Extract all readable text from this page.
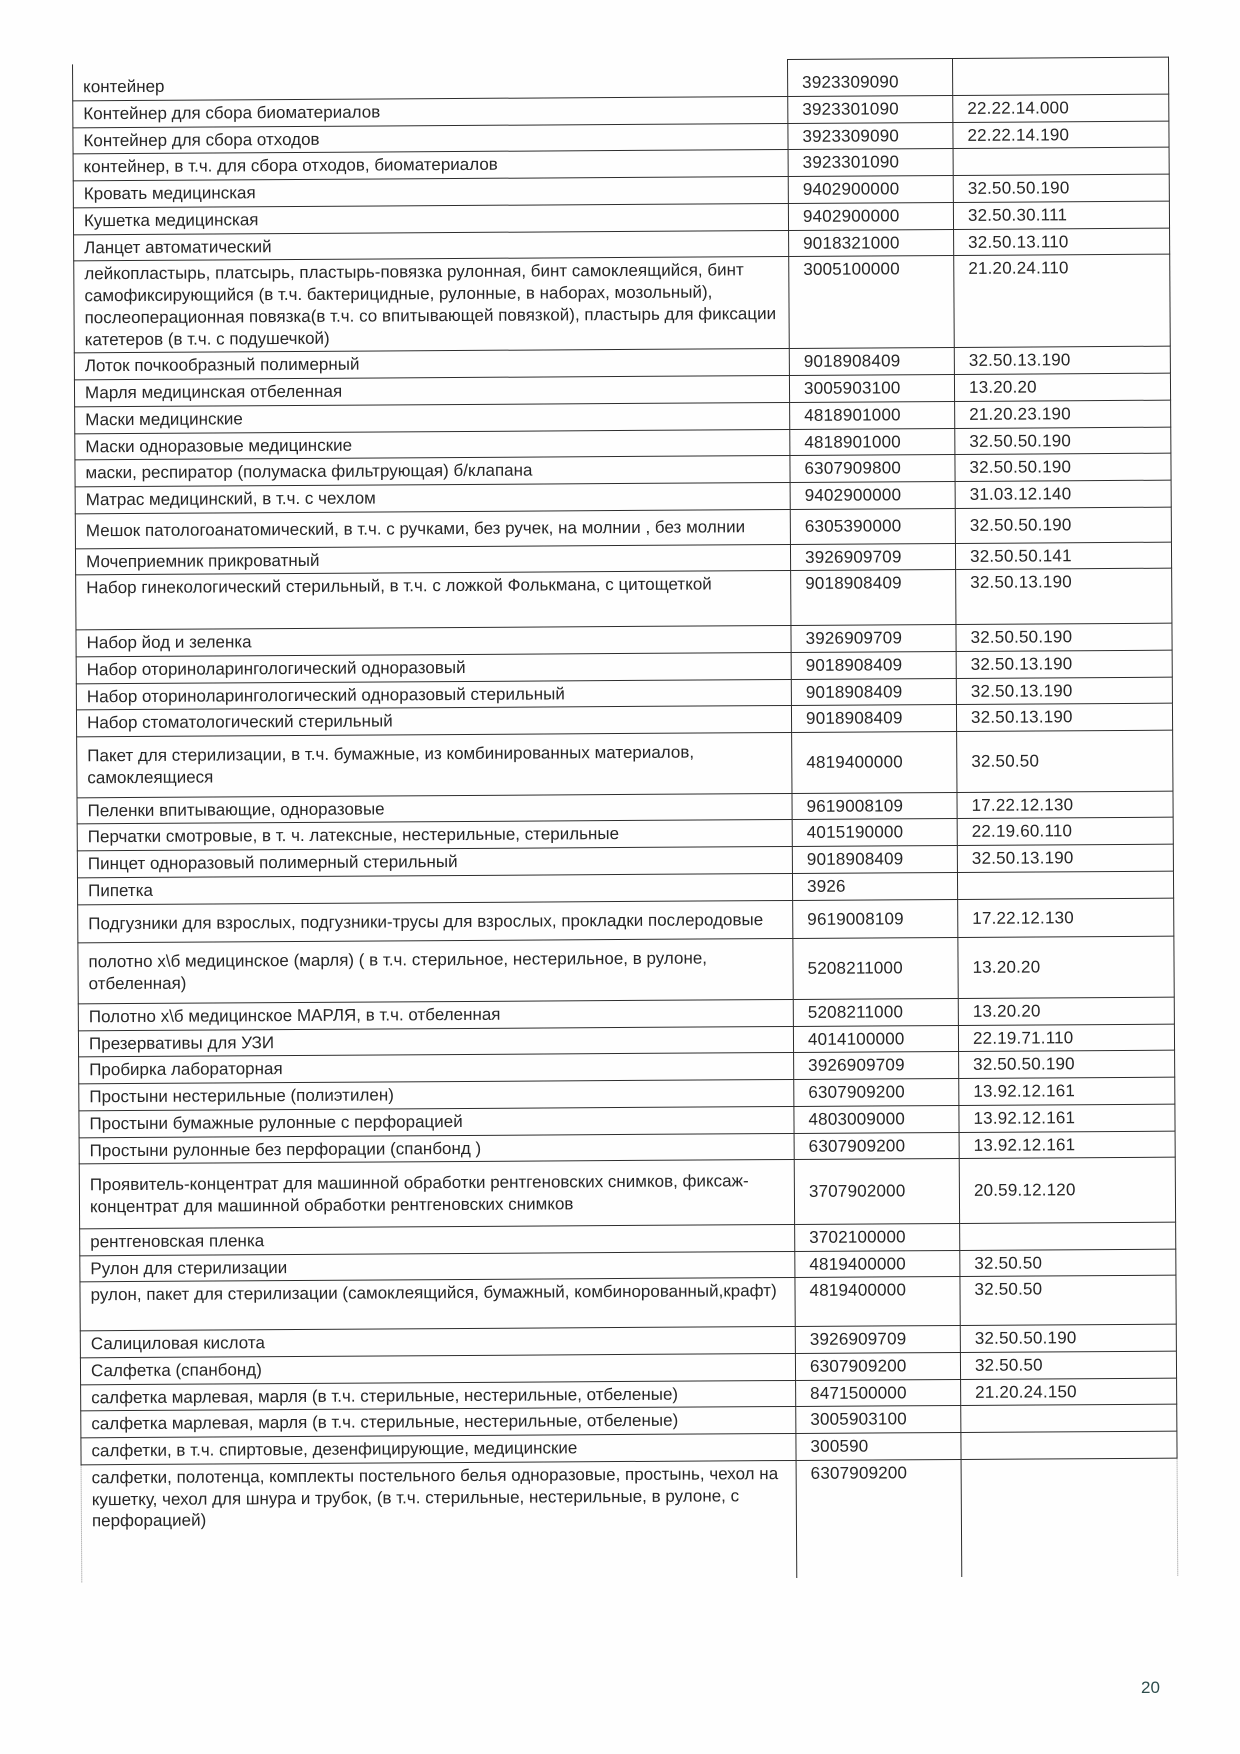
контейнер	3923309090	
Контейнер для сбора биоматериалов	3923301090	22.22.14.000
Контейнер для сбора отходов	3923309090	22.22.14.190
контейнер, в т.ч. для сбора отходов, биоматериалов	3923301090	
Кровать медицинская	9402900000	32.50.50.190
Кушетка медицинская	9402900000	32.50.30.111
Ланцет автоматический	9018321000	32.50.13.110
лейкопластырь, платсырь, пластырь-повязка рулонная, бинт самоклеящийся, бинт самофиксирующийся (в т.ч. бактерицидные, рулонные, в наборах, мозольный), послеоперационная повязка(в т.ч. со впитывающей повязкой), пластырь для фиксации катетеров (в т.ч. с подушечкой)	3005100000	21.20.24.110
Лоток почкообразный полимерный	9018908409	32.50.13.190
Марля медицинская отбеленная	3005903100	13.20.20
Маски медицинские	4818901000	21.20.23.190
Маски одноразовые медицинские	4818901000	32.50.50.190
маски, респиратор (полумаска фильтрующая) б/клапана	6307909800	32.50.50.190
Матрас медицинский, в т.ч. с чехлом	9402900000	31.03.12.140
Мешок патологоанатомический, в т.ч. с ручками, без ручек, на молнии , без молнии	6305390000	32.50.50.190
Мочеприемник прикроватный	3926909709	32.50.50.141
Набор гинекологический стерильный, в т.ч. с ложкой Фолькмана, с цитощеткой	9018908409	32.50.13.190
Набор йод и зеленка	3926909709	32.50.50.190
Набор оториноларингологический одноразовый	9018908409	32.50.13.190
Набор оториноларингологический одноразовый стерильный	9018908409	32.50.13.190
Набор стоматологический стерильный	9018908409	32.50.13.190
Пакет для стерилизации, в т.ч. бумажные, из комбинированных материалов, самоклеящиеся	4819400000	32.50.50
Пеленки впитывающие, одноразовые	9619008109	17.22.12.130
Перчатки смотровые, в т. ч. латексные, нестерильные, стерильные	4015190000	22.19.60.110
Пинцет одноразовый полимерный стерильный	9018908409	32.50.13.190
Пипетка	3926	
Подгузники для взрослых, подгузники-трусы для взрослых, прокладки послеродовые	9619008109	17.22.12.130
полотно х\б медицинское (марля) ( в т.ч. стерильное, нестерильное, в рулоне, отбеленная)	5208211000	13.20.20
Полотно х\б медицинское МАРЛЯ, в т.ч. отбеленная	5208211000	13.20.20
Презервативы для УЗИ	4014100000	22.19.71.110
Пробирка лабораторная	3926909709	32.50.50.190
Простыни нестерильные (полиэтилен)	6307909200	13.92.12.161
Простыни бумажные рулонные с перфорацией	4803009000	13.92.12.161
Простыни рулонные без перфорации (спанбонд )	6307909200	13.92.12.161
Проявитель-концентрат для машинной обработки рентгеновских снимков, фиксаж-концентрат для машинной обработки рентгеновских снимков	3707902000	20.59.12.120
рентгеновская пленка	3702100000	
Рулон для стерилизации	4819400000	32.50.50
рулон, пакет для стерилизации (самоклеящийся, бумажный, комбинорованный,крафт)	4819400000	32.50.50
Салициловая кислота	3926909709	32.50.50.190
Салфетка (спанбонд)	6307909200	32.50.50
салфетка марлевая, марля (в т.ч. стерильные, нестерильные, отбеленые)	8471500000	21.20.24.150
салфетка марлевая, марля (в т.ч. стерильные, нестерильные, отбеленые)	3005903100	
салфетки, в т.ч. спиртовые, дезенфицирующие, медицинские	300590	
салфетки, полотенца, комплекты постельного белья одноразовые, простынь, чехол на кушетку, чехол для шнура и трубок, (в т.ч. стерильные, нестерильные, в рулоне, с перфорацией)	6307909200	
20
